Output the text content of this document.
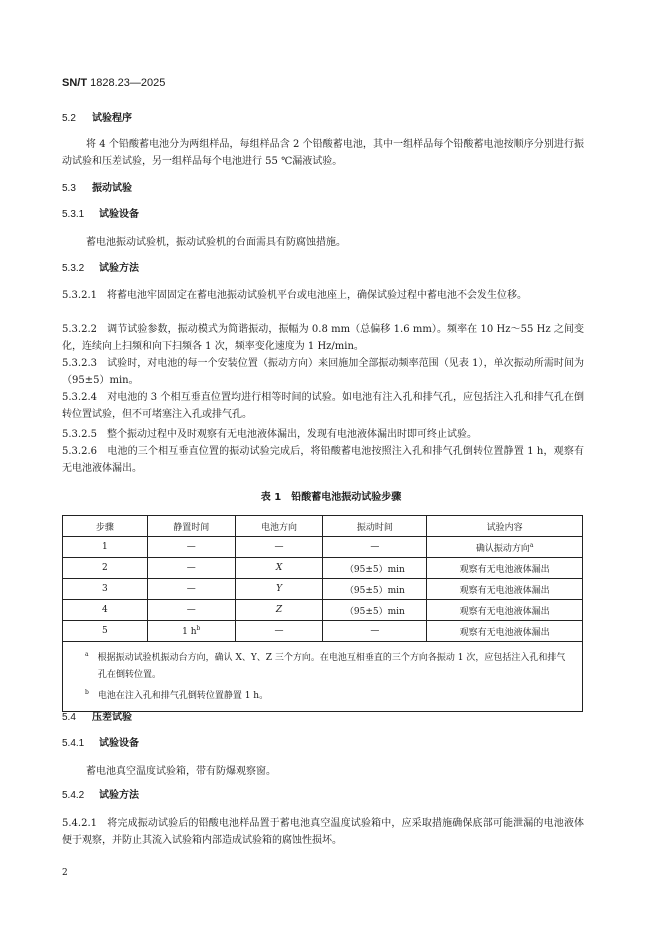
SN/T 1828.23—2025
5.2 试验程序
将 4 个铅酸蓄电池分为两组样品，每组样品含 2 个铅酸蓄电池，其中一组样品每个铅酸蓄电池按顺序分别进行振动试验和压差试验，另一组样品每个电池进行 55 ℃漏液试验。
5.3 振动试验
5.3.1 试验设备
蓄电池振动试验机，振动试验机的台面需具有防腐蚀措施。
5.3.2 试验方法
5.3.2.1　 将蓄电池牢固固定在蓄电池振动试验机平台或电池座上，确保试验过程中蓄电池不会发生位移。
5.3.2.2　 调节试验参数，振动模式为简谐振动，振幅为 0.8 mm（总偏移 1.6 mm）。频率在 10 Hz～55 Hz 之间变化，连续向上扫频和向下扫频各 1 次，频率变化速度为 1 Hz/min。
5.3.2.3　 试验时，对电池的每一个安装位置（振动方向）来回施加全部振动频率范围（见表 1），单次振动所需时间为（95±5）min。
5.3.2.4　 对电池的 3 个相互垂直位置均进行相等时间的试验。如电池有注入孔和排气孔，应包括注入孔和排气孔在倒转位置试验，但不可堵塞注入孔或排气孔。
5.3.2.5　 整个振动过程中及时观察有无电池液体漏出，发现有电池液体漏出时即可终止试验。
5.3.2.6　 电池的三个相互垂直位置的振动试验完成后，将铅酸蓄电池按照注入孔和排气孔倒转位置静置 1 h，观察有无电池液体漏出。
表 1　铅酸蓄电池振动试验步骤
步骤	静置时间	电池方向	振动时间	试验内容
1	—	—	—	确认振动方向$^a$
2	—	X	（95±5）min	观察有无电池液体漏出
3	—	Y	（95±5）min	观察有无电池液体漏出
4	—	Z	（95±5）min	观察有无电池液体漏出
5	1 $h^b$	—	—	观察有无电池液体漏出

$^a$　 根据振动试验机振动台方向，确认 X、Y、Z 三个方向。在电池互相垂直的三个方向各振动 1 次，应包括注入孔和排气孔在倒转位置。
$^b$　 电池在注入孔和排气孔倒转位置静置 1 h。				
5.4 压差试验
5.4.1 试验设备
蓄电池真空温度试验箱，带有防爆观察窗。
5.4.2 试验方法
5.4.2.1　 将完成振动试验后的铅酸电池样品置于蓄电池真空温度试验箱中，应采取措施确保底部可能泄漏的电池液体便于观察，并防止其流入试验箱内部造成试验箱的腐蚀性损坏。
2
